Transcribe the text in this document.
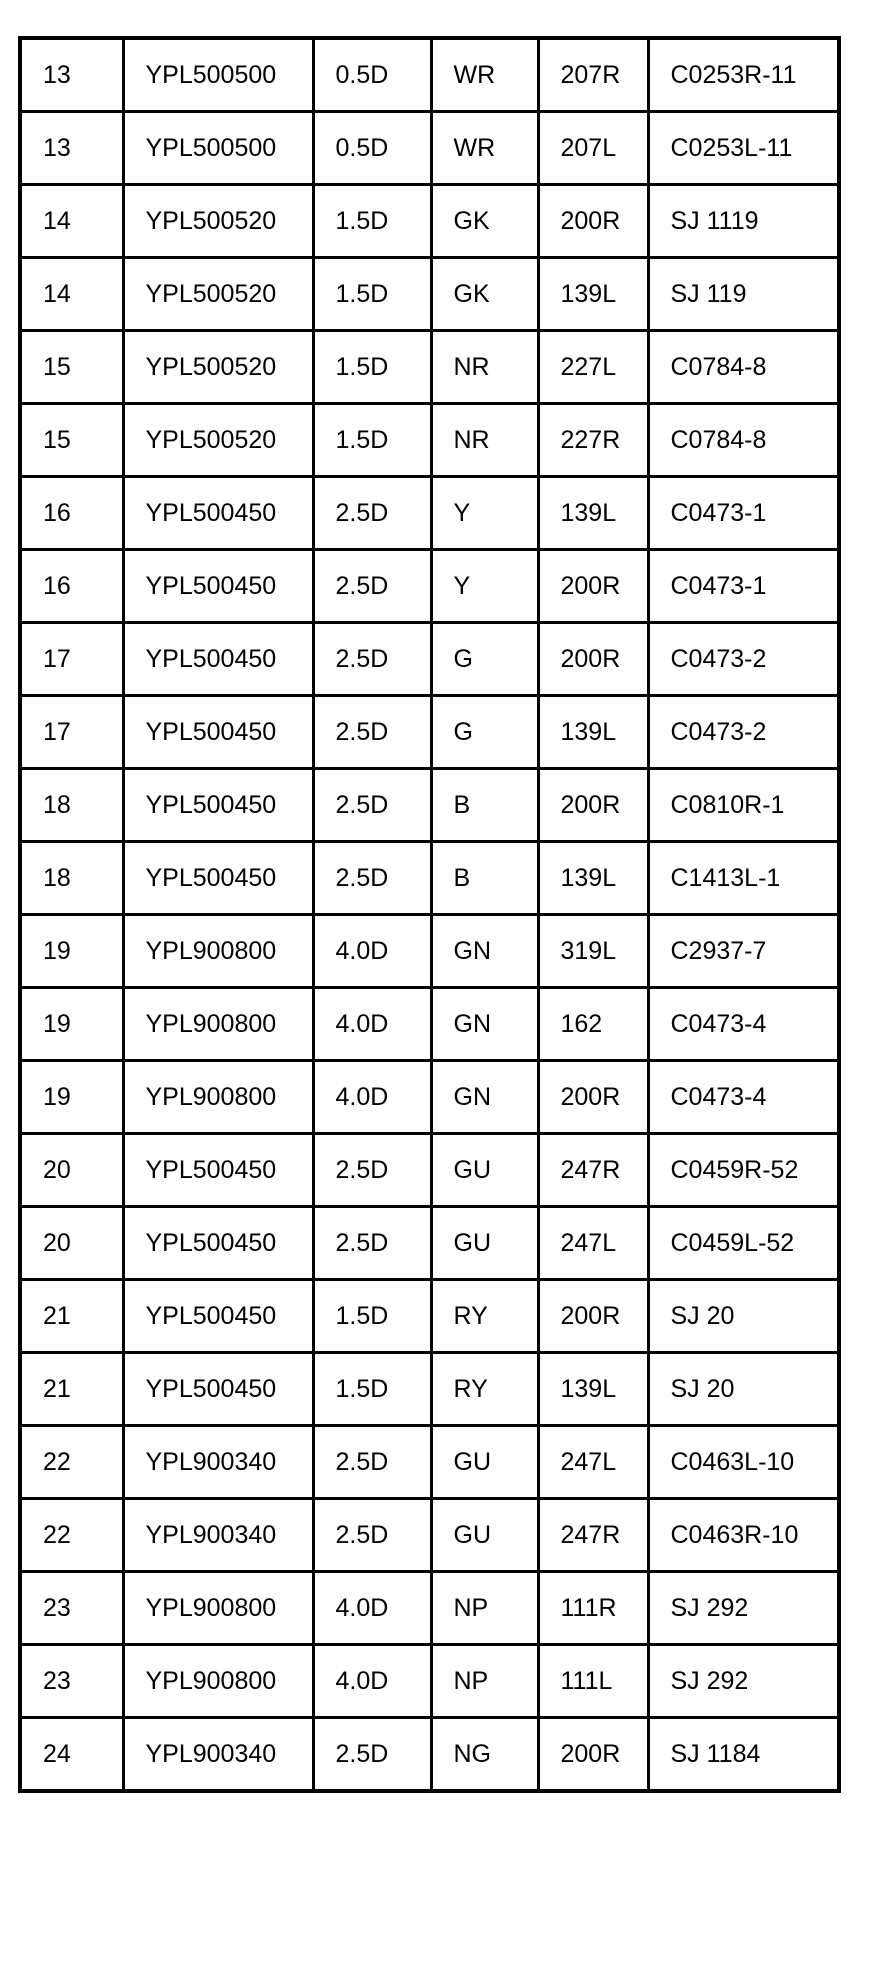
13	YPL500500	0.5D	WR	207R	C0253R-11
13	YPL500500	0.5D	WR	207L	C0253L-11
14	YPL500520	1.5D	GK	200R	SJ 1119
14	YPL500520	1.5D	GK	139L	SJ 119
15	YPL500520	1.5D	NR	227L	C0784-8
15	YPL500520	1.5D	NR	227R	C0784-8
16	YPL500450	2.5D	Y	139L	C0473-1
16	YPL500450	2.5D	Y	200R	C0473-1
17	YPL500450	2.5D	G	200R	C0473-2
17	YPL500450	2.5D	G	139L	C0473-2
18	YPL500450	2.5D	B	200R	C0810R-1
18	YPL500450	2.5D	B	139L	C1413L-1
19	YPL900800	4.0D	GN	319L	C2937-7
19	YPL900800	4.0D	GN	162	C0473-4
19	YPL900800	4.0D	GN	200R	C0473-4
20	YPL500450	2.5D	GU	247R	C0459R-52
20	YPL500450	2.5D	GU	247L	C0459L-52
21	YPL500450	1.5D	RY	200R	SJ 20
21	YPL500450	1.5D	RY	139L	SJ 20
22	YPL900340	2.5D	GU	247L	C0463L-10
22	YPL900340	2.5D	GU	247R	C0463R-10
23	YPL900800	4.0D	NP	111R	SJ 292
23	YPL900800	4.0D	NP	111L	SJ 292
24	YPL900340	2.5D	NG	200R	SJ 1184
